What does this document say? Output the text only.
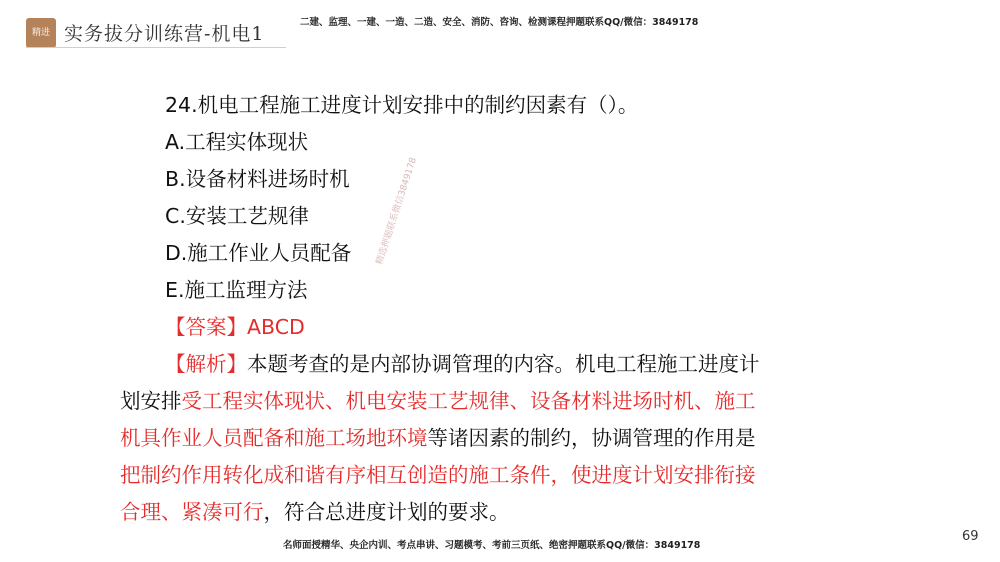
精进 实务拔分训练营-机电1
二建、监理、一建、一造、二造、安全、消防、咨询、检测课程押题联系QQ/微信：3849178
精选押题联系微信3849178
24.机电工程施工进度计划安排中的制约因素有（）。
A.工程实体现状
B.设备材料进场时机
C.安装工艺规律
D.施工作业人员配备
E.施工监理方法
【答案】ABCD
【解析】本题考查的是内部协调管理的内容。机电工程施工进度计
划安排受工程实体现状、机电安装工艺规律、设备材料进场时机、施工
机具作业人员配备和施工场地环境等诸因素的制约，协调管理的作用是
把制约作用转化成和谐有序相互创造的施工条件，使进度计划安排衔接
合理、紧凑可行，符合总进度计划的要求。
名师面授精华、央企内训、考点串讲、习题模考、考前三页纸、绝密押题联系QQ/微信：3849178
69
